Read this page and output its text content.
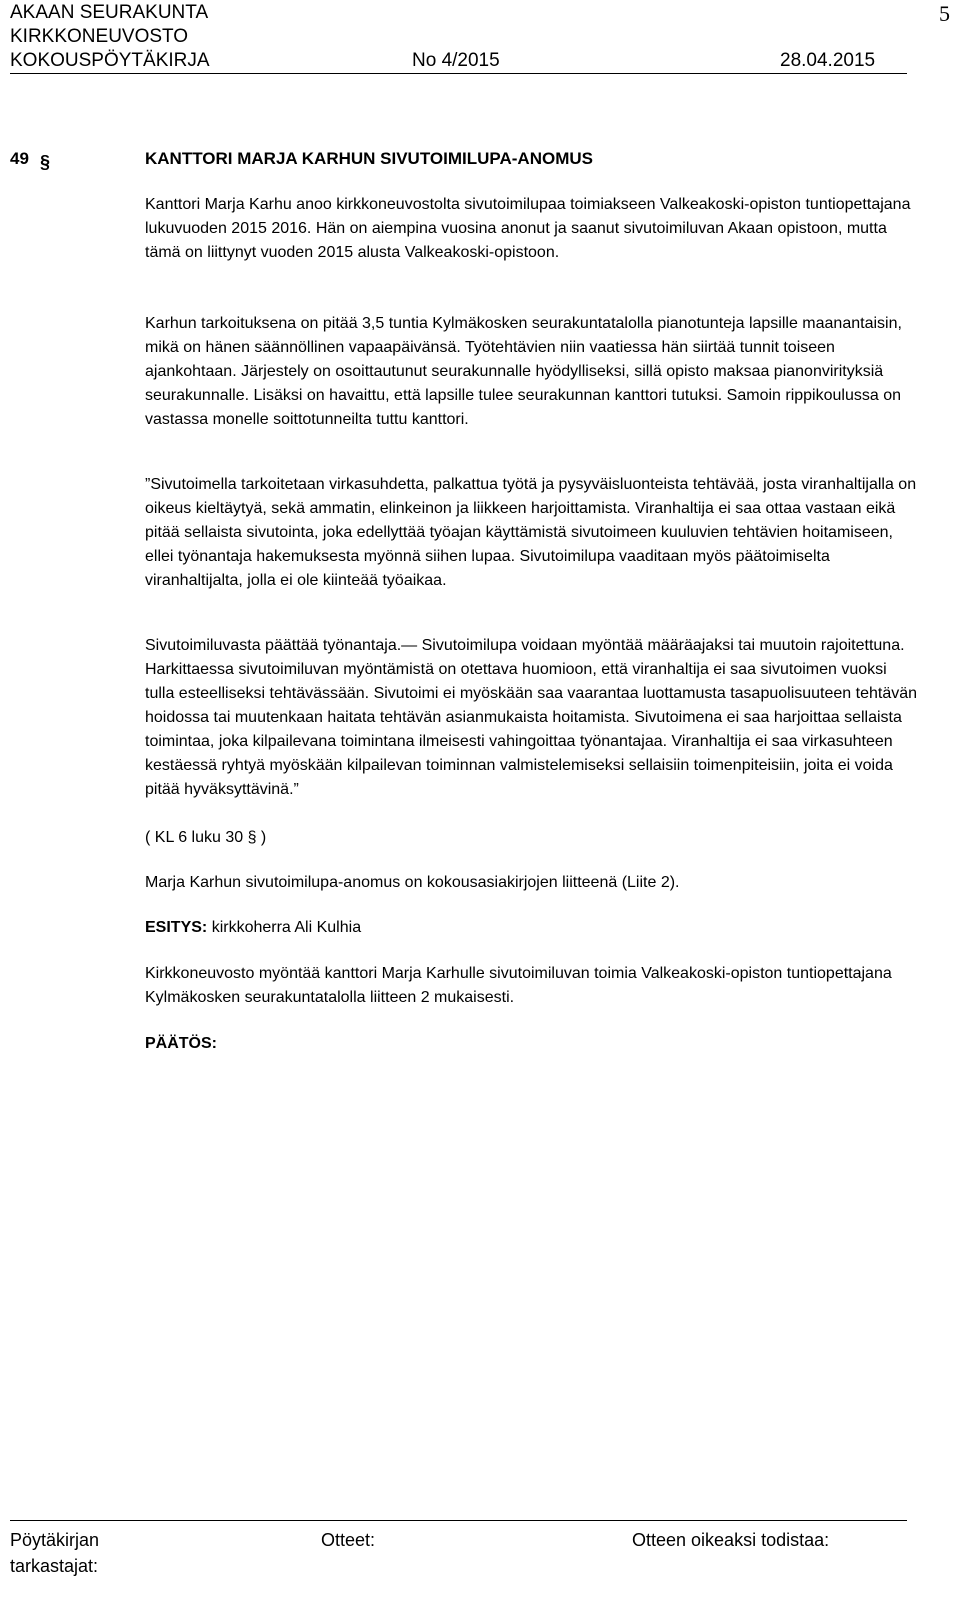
AKAAN SEURAKUNTA
KIRKKONEUVOSTO
5
KOKOUSPÖYTÄKIRJA	No 4/2015	28.04.2015
49 §	KANTTORI MARJA KARHUN SIVUTOIMILUPA-ANOMUS

Kanttori Marja Karhu anoo kirkkoneuvostolta sivutoimilupaa toimiakseen Valkeakoski-opiston tuntiopettajana lukuvuoden 2015 2016. Hän on aiempina vuosina anonut ja saanut sivutoimiluvan Akaan opistoon, mutta tämä on liittynyt vuoden 2015 alusta Valkeakoski-opistoon.

Karhun tarkoituksena on pitää 3,5 tuntia Kylmäkosken seurakuntatalolla pianotunteja lapsille maanantaisin, mikä on hänen säännöllinen vapaapäivänsä. Työtehtävien niin vaatiessa hän siirtää tunnit toiseen ajankohtaan. Järjestely on osoittautunut seurakunnalle hyödylliseksi, sillä opisto maksaa pianonvirityksiä seurakunnalle. Lisäksi on havaittu, että lapsille tulee seurakunnan kanttori tutuksi. Samoin rippikoulussa on vastassa monelle soittotunneilta tuttu kanttori.

”Sivutoimella tarkoitetaan virkasuhdetta, palkattua työtä ja pysyväisluonteista tehtävää, josta viranhaltijalla on oikeus kieltäytyä, sekä ammatin, elinkeinon ja liikkeen harjoittamista. Viranhaltija ei saa ottaa vastaan eikä pitää sellaista sivutointa, joka edellyttää työajan käyttämistä sivutoimeen kuuluvien tehtävien hoitamiseen, ellei työnantaja hakemuksesta myönnä siihen lupaa. Sivutoimilupa vaaditaan myös päätoimiselta viranhaltijalta, jolla ei ole kiinteää työaikaa.

Sivutoimiluvasta päättää työnantaja.— Sivutoimilupa voidaan myöntää määräajaksi tai muutoin rajoitettuna. Harkittaessa sivutoimiluvan myöntämistä on otettava huomioon, että viranhaltija ei saa sivutoimen vuoksi tulla esteelliseksi tehtävässään. Sivutoimi ei myöskään saa vaarantaa luottamusta tasapuolisuuteen tehtävän hoidossa tai muutenkaan haitata tehtävän asianmukaista hoitamista. Sivutoimena ei saa harjoittaa sellaista toimintaa, joka kilpailevana toimintana ilmeisesti vahingoittaa työnantajaa. Viranhaltija ei saa virkasuhteen kestäessä ryhtyä myöskään kilpailevan toiminnan valmistelemiseksi sellaisiin toimenpiteisiin, joita ei voida pitää hyväksyttävinä.”

( KL 6 luku 30 § )

Marja Karhun sivutoimilupa-anomus on kokousasiakirjojen liitteenä (Liite 2).

ESITYS: kirkkoherra Ali Kulhia

Kirkkoneuvosto myöntää kanttori Marja Karhulle sivutoimiluvan toimia Valkeakoski-opiston tuntiopettajana Kylmäkosken seurakuntatalolla liitteen 2 mukaisesti.

PÄÄTÖS:

Pöytäkirjan
tarkastajat:
Otteet:	Otteen oikeaksi todistaa:
